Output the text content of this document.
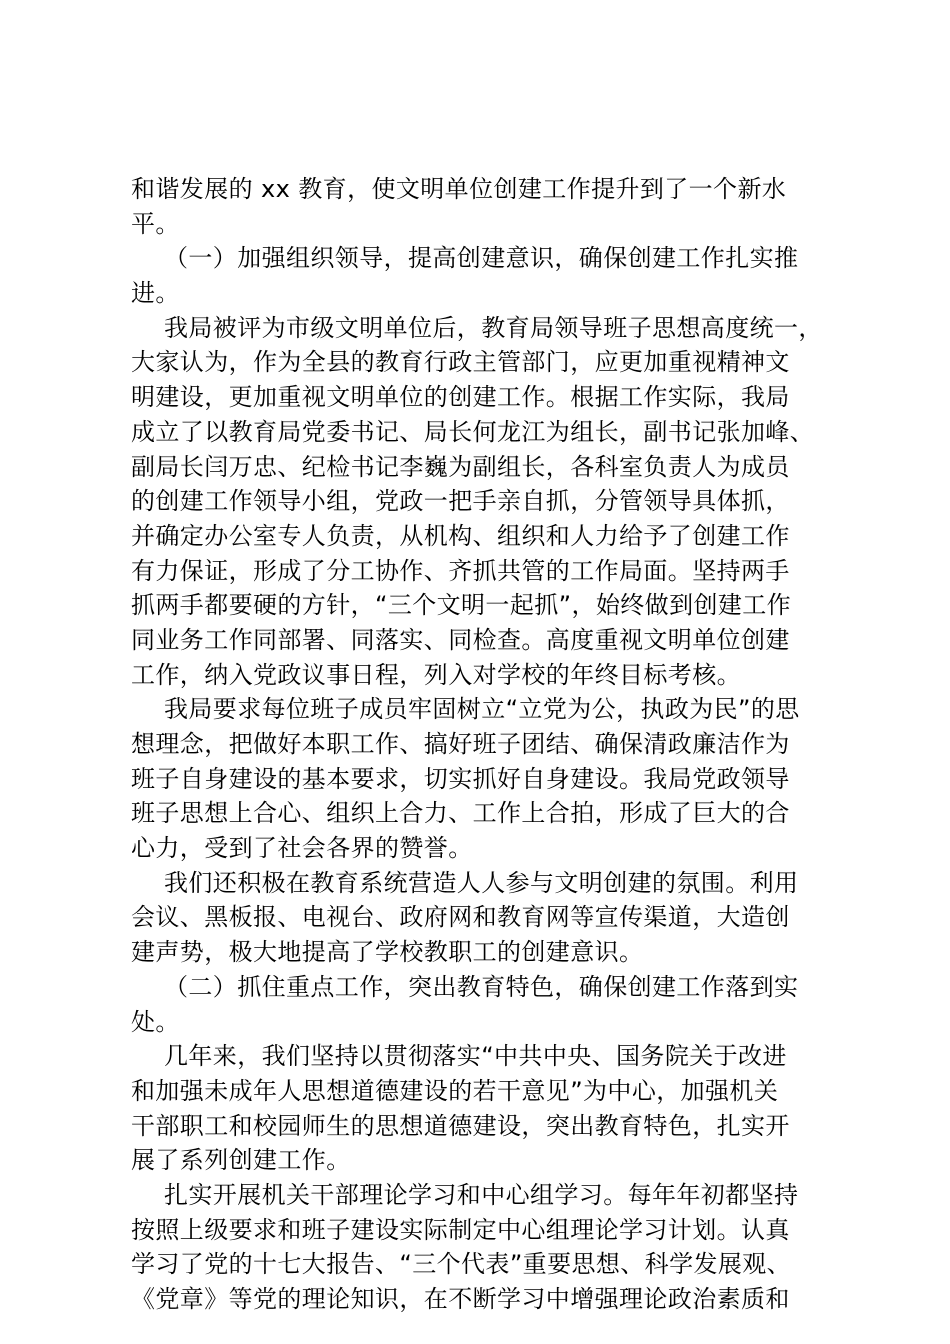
和谐发展的 xx 教育，使文明单位创建工作提升到了一个新水
平。
（一）加强组织领导，提高创建意识，确保创建工作扎实推
进。
我局被评为市级文明单位后，教育局领导班子思想高度统一，
大家认为，作为全县的教育行政主管部门，应更加重视精神文
明建设，更加重视文明单位的创建工作。根据工作实际，我局
成立了以教育局党委书记、局长何龙江为组长，副书记张加峰、
副局长闫万忠、纪检书记李巍为副组长，各科室负责人为成员
的创建工作领导小组，党政一把手亲自抓，分管领导具体抓，
并确定办公室专人负责，从机构、组织和人力给予了创建工作
有力保证，形成了分工协作、齐抓共管的工作局面。坚持两手
抓两手都要硬的方针，“三个文明一起抓”，始终做到创建工作
同业务工作同部署、同落实、同检查。高度重视文明单位创建
工作，纳入党政议事日程，列入对学校的年终目标考核。
我局要求每位班子成员牢固树立“立党为公，执政为民”的思
想理念，把做好本职工作、搞好班子团结、确保清政廉洁作为
班子自身建设的基本要求，切实抓好自身建设。我局党政领导
班子思想上合心、组织上合力、工作上合拍，形成了巨大的合
心力，受到了社会各界的赞誉。
我们还积极在教育系统营造人人参与文明创建的氛围。利用
会议、黑板报、电视台、政府网和教育网等宣传渠道，大造创
建声势，极大地提高了学校教职工的创建意识。
（二）抓住重点工作，突出教育特色，确保创建工作落到实
处。
几年来，我们坚持以贯彻落实“中共中央、国务院关于改进
和加强未成年人思想道德建设的若干意见”为中心，加强机关
干部职工和校园师生的思想道德建设，突出教育特色，扎实开
展了系列创建工作。
扎实开展机关干部理论学习和中心组学习。每年年初都坚持
按照上级要求和班子建设实际制定中心组理论学习计划。认真
学习了党的十七大报告、“三个代表”重要思想、科学发展观、
《党章》等党的理论知识，在不断学习中增强理论政治素质和
